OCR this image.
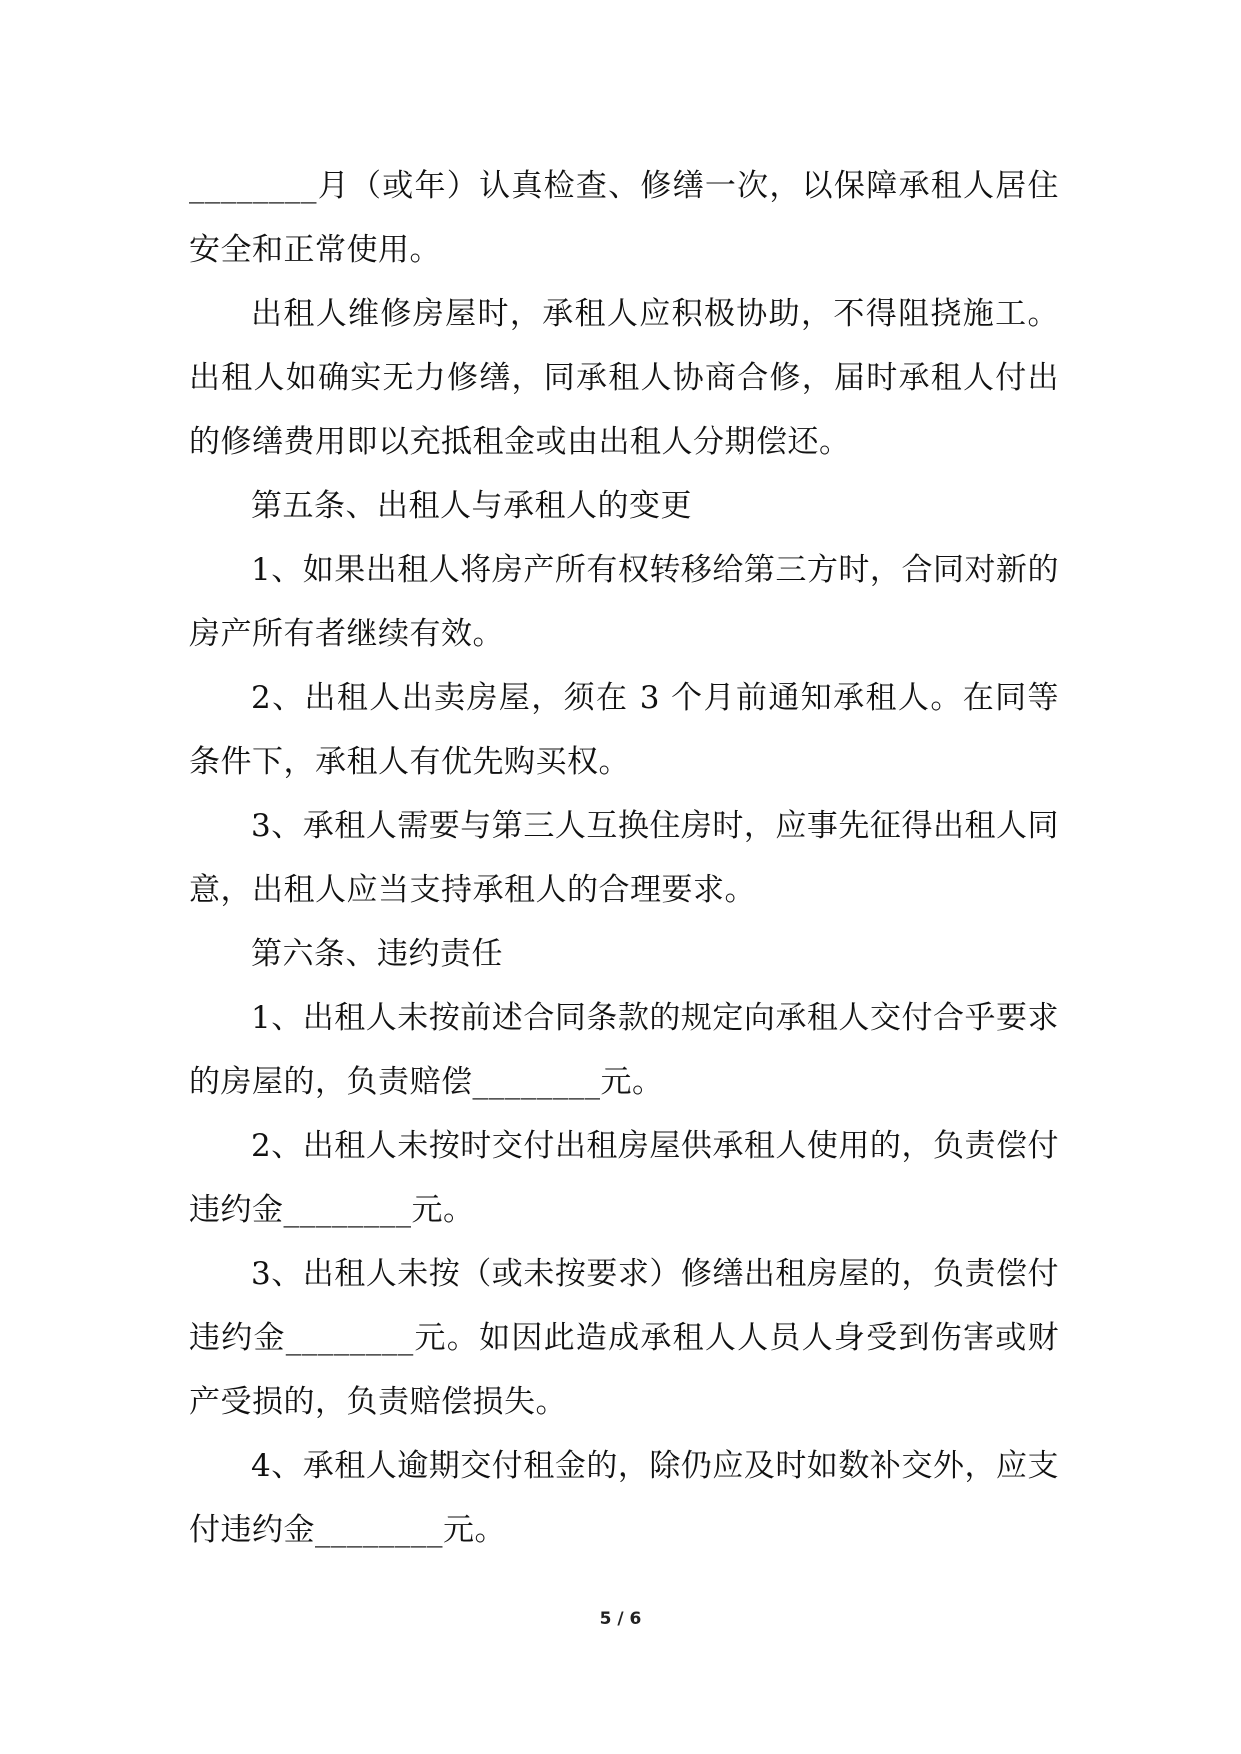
________月（或年）认真检查、修缮一次，以保障承租人居住安全和正常使用。

出租人维修房屋时，承租人应积极协助，不得阻挠施工。出租人如确实无力修缮，同承租人协商合修，届时承租人付出的修缮费用即以充抵租金或由出租人分期偿还。

第五条、出租人与承租人的变更

1、如果出租人将房产所有权转移给第三方时，合同对新的房产所有者继续有效。

2、出租人出卖房屋，须在 3 个月前通知承租人。在同等条件下，承租人有优先购买权。

3、承租人需要与第三人互换住房时，应事先征得出租人同意，出租人应当支持承租人的合理要求。

第六条、违约责任

1、出租人未按前述合同条款的规定向承租人交付合乎要求的房屋的，负责赔偿________元。

2、出租人未按时交付出租房屋供承租人使用的，负责偿付违约金________元。

3、出租人未按（或未按要求）修缮出租房屋的，负责偿付违约金________元。如因此造成承租人人员人身受到伤害或财产受损的，负责赔偿损失。

4、承租人逾期交付租金的，除仍应及时如数补交外，应支付违约金________元。

5 / 6
